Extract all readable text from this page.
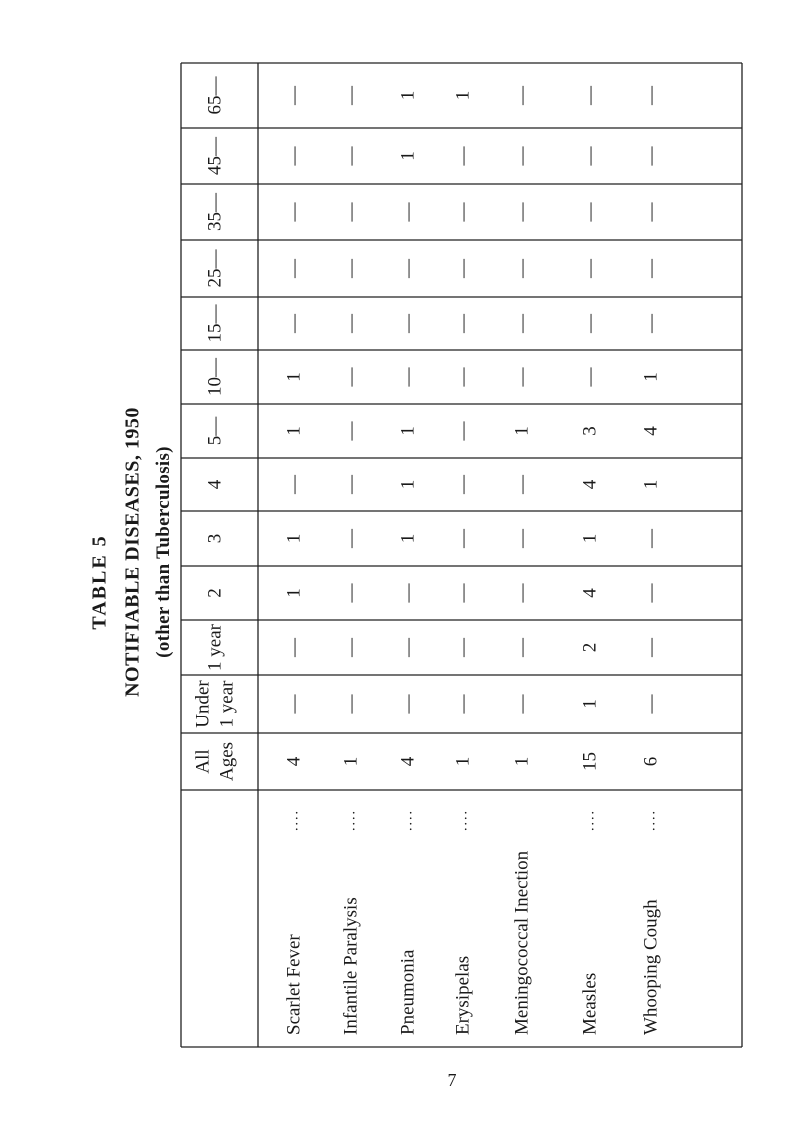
TABLE 5 NOTIFIABLE DISEASES, 1950 (other than Tuberculosis)
65—
45—
35—
25—
15—
10—
5—
4
3
2
1 year
Under 1 year
All Ages
Scarlet Fever
....
4
—
—
1
1
—
1
1
—
—
—
—
—
Infantile Paralysis
....
1
—
—
—
—
—
—
—
—
—
—
—
—
Pneumonia
....
4
—
—
—
1
1
1
—
—
—
—
1
1
Erysipelas
....
1
—
—
—
—
—
—
—
—
—
—
—
1
Meningococcal Inection
1
—
—
—
—
—
1
—
—
—
—
—
—
Measles
....
15
1
2
4
1
4
3
—
—
—
—
—
—
Whooping Cough
....
6
—
—
—
—
1
4
1
—
—
—
—
—
7
